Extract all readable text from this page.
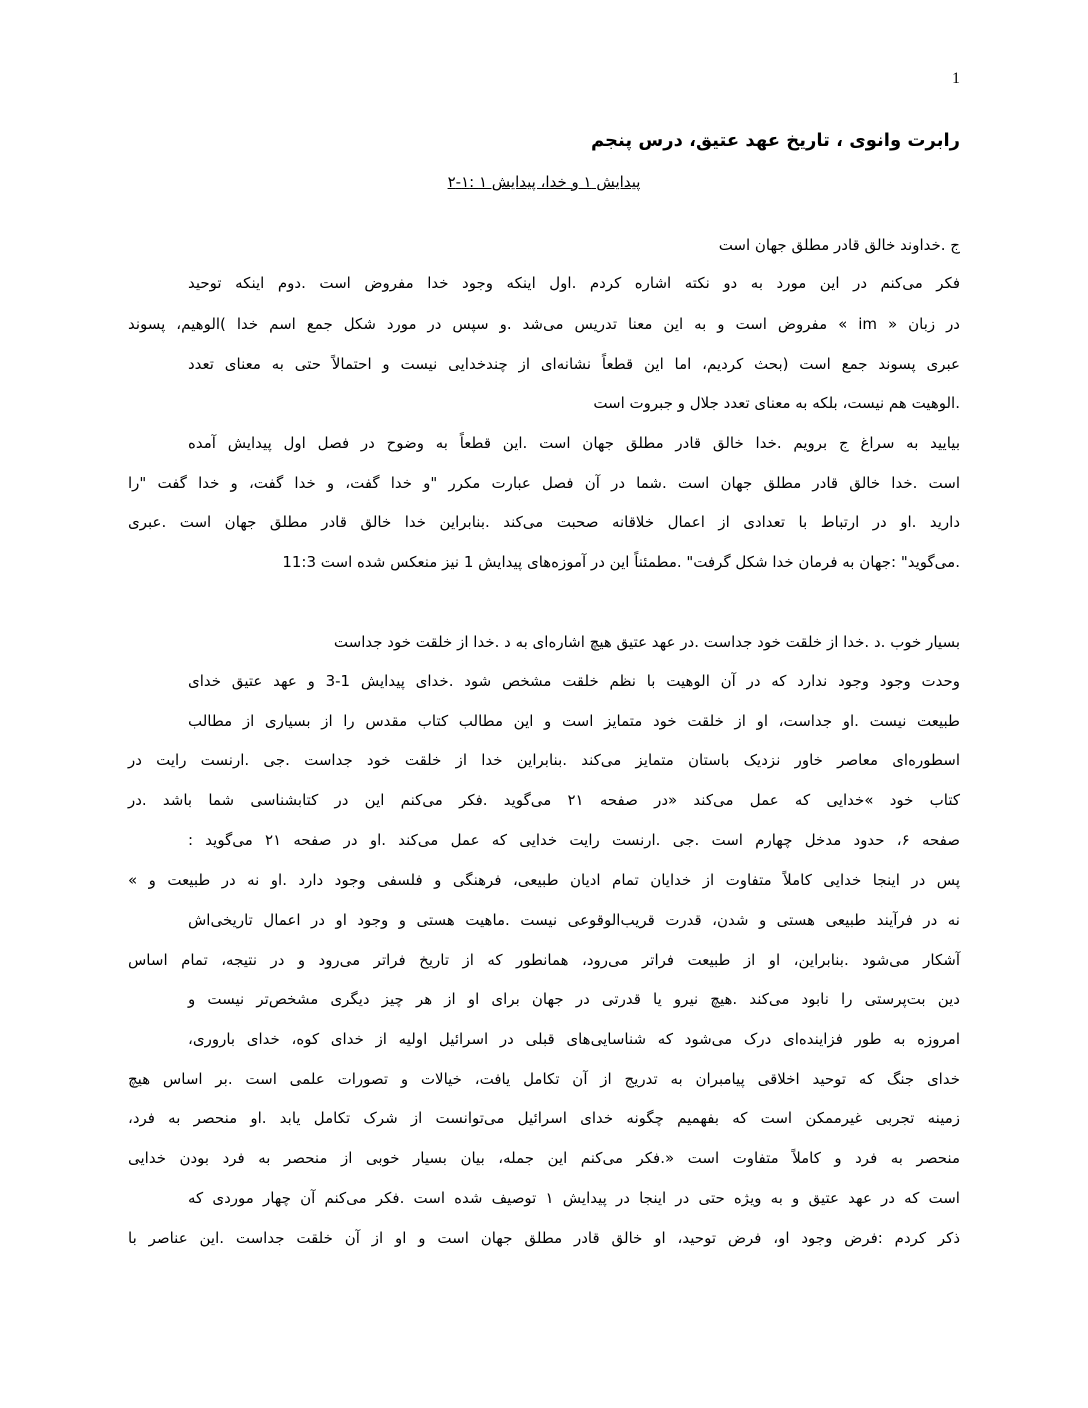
1
رابرت وانوی ، تاریخ عهد عتیق، درس پنجم
پیدایش ۱ و خدا، پیدایش ۱ :۱-۲
ج .خداوند خالق قادر مطلق جهان است
فکر می‌کنم در این مورد به دو نکته اشاره کردم .اول اینکه وجود خدا مفروض است .دوم اینکه توحید
در زبان « im » مفروض است و به این معنا تدریس می‌شد .و سپس در مورد شکل جمع اسم خدا )الوهیم، پسوند
عبری پسوند جمع است (بحث کردیم، اما این قطعاً نشانه‌ای از چندخدایی نیست و احتمالاً حتی به معنای تعدد
.الوهیت هم نیست، بلکه به معنای تعدد جلال و جبروت است
بیایید به سراغ ج برویم .خدا خالق قادر مطلق جهان است .این قطعاً به وضوح در فصل اول پیدایش آمده
است .خدا خالق قادر مطلق جهان است .شما در آن فصل عبارت مکرر "و خدا گفت، و خدا گفت، و خدا گفت "را
دارید .او در ارتباط با تعدادی از اعمال خلاقانه صحبت می‌کند .بنابراین خدا خالق قادر مطلق جهان است .عبری
.می‌گوید" :جهان به فرمان خدا شکل گرفت" .مطمئناً این در آموزه‌های پیدایش 1 نیز منعکس شده است 11:3
بسیار خوب .د .خدا از خلقت خود جداست .در عهد عتیق هیچ اشاره‌ای به د .خدا از خلقت خود جداست
وحدت وجود وجود ندارد که در آن الوهیت با نظم خلقت مشخص شود .خدای پیدایش 1-3 و عهد عتیق خدای
طبیعت نیست .او جداست، او از خلقت خود متمایز است و این مطالب کتاب مقدس را از بسیاری از مطالب
اسطوره‌ای معاصر خاور نزدیک باستان متمایز می‌کند .بنابراین خدا از خلقت خود جداست .جی .ارنست رایت در
کتاب خود »خدایی که عمل می‌کند «در صفحه ۲۱ می‌گوید .فکر می‌کنم این در کتابشناسی شما باشد .در
صفحه ۶، حدود مدخل چهارم است .جی .ارنست رایت خدایی که عمل می‌کند .او در صفحه ۲۱ می‌گوید :
پس در اینجا خدایی کاملاً متفاوت از خدایان تمام ادیان طبیعی، فرهنگی و فلسفی وجود دارد .او نه در طبیعت و »
نه در فرآیند طبیعی هستی و شدن، قدرت قریب‌الوقوعی نیست .ماهیت هستی و وجود او در اعمال تاریخی‌اش
آشکار می‌شود .بنابراین، او از طبیعت فراتر می‌رود، همانطور که از تاریخ فراتر می‌رود و در نتیجه، تمام اساس
دین بت‌پرستی را نابود می‌کند .هیچ نیرو یا قدرتی در جهان برای او از هر چیز دیگری مشخص‌تر نیست و
امروزه به طور فزاینده‌ای درک می‌شود که شناسایی‌های قبلی در اسرائیل اولیه از خدای کوه، خدای باروری،
خدای جنگ که توحید اخلاقی پیامبران به تدریج از آن تکامل یافت، خیالات و تصورات علمی است .بر اساس هیچ
زمینه تجربی غیرممکن است که بفهمیم چگونه خدای اسرائیل می‌توانست از شرک تکامل یابد .او منحصر به فرد،
منحصر به فرد و کاملاً متفاوت است «.فکر می‌کنم این جمله، بیان بسیار خوبی از منحصر به فرد بودن خدایی
است که در عهد عتیق و به ویژه حتی در اینجا در پیدایش ۱ توصیف شده است .فکر می‌کنم آن چهار موردی که
ذکر کردم :فرض وجود او، فرض توحید، او خالق قادر مطلق جهان است و او از آن خلقت جداست .این عناصر با
